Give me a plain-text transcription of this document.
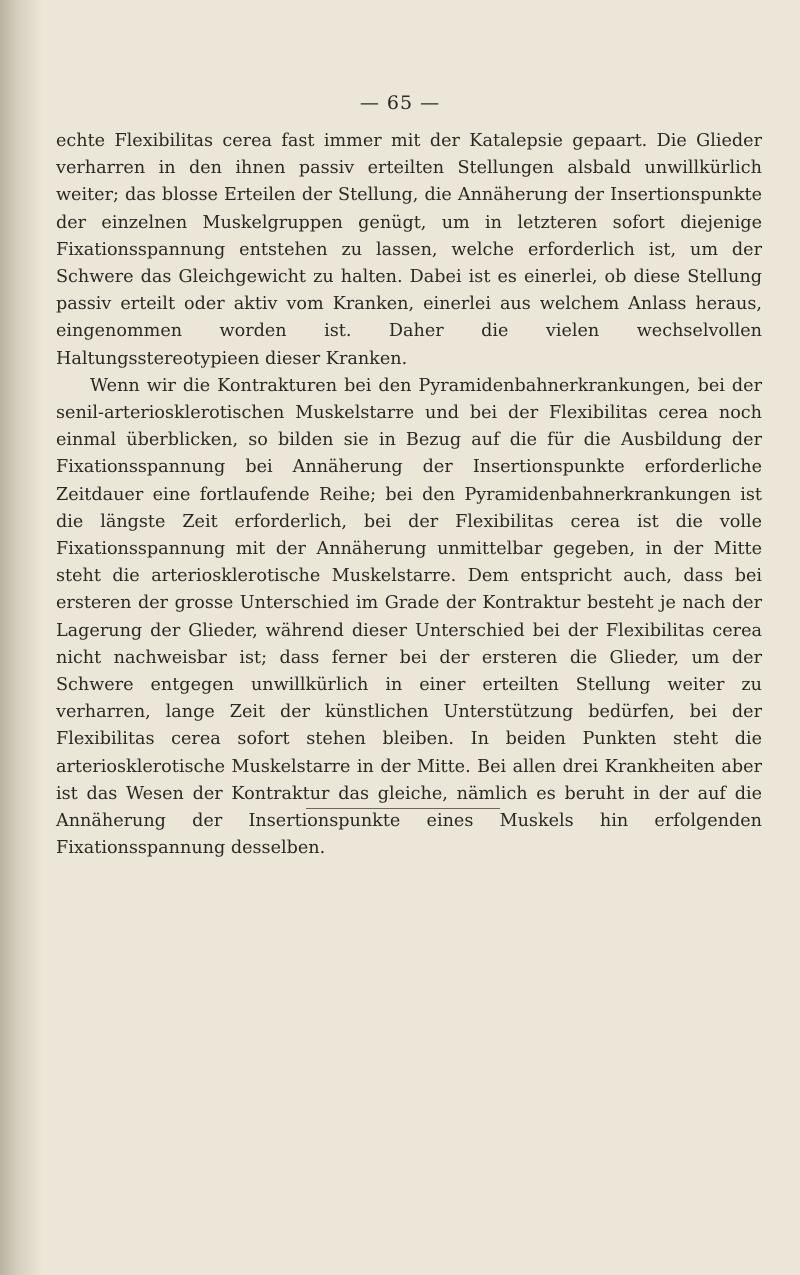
— 65 —

echte Flexibilitas cerea fast immer mit der Katalepsie gepaart. Die Glieder verharren in den ihnen passiv erteilten Stellungen alsbald unwillkürlich weiter; das blosse Erteilen der Stellung, die Annäherung der Insertionspunkte der einzelnen Muskelgruppen genügt, um in letzteren sofort diejenige Fixationsspannung entstehen zu lassen, welche erforderlich ist, um der Schwere das Gleichgewicht zu halten. Dabei ist es einerlei, ob diese Stellung passiv erteilt oder aktiv vom Kranken, einerlei aus welchem Anlass heraus, eingenommen worden ist. Daher die vielen wechselvollen Haltungsstereotypieen dieser Kranken.

Wenn wir die Kontrakturen bei den Pyramidenbahnerkrankungen, bei der senil-arteriosklerotischen Muskelstarre und bei der Flexibilitas cerea noch einmal überblicken, so bilden sie in Bezug auf die für die Ausbildung der Fixationsspannung bei Annäherung der Insertionspunkte erforderliche Zeitdauer eine fortlaufende Reihe; bei den Pyramidenbahnerkrankungen ist die längste Zeit erforderlich, bei der Flexibilitas cerea ist die volle Fixationsspannung mit der Annäherung unmittelbar gegeben, in der Mitte steht die arteriosklerotische Muskelstarre. Dem entspricht auch, dass bei ersteren der grosse Unterschied im Grade der Kontraktur besteht je nach der Lagerung der Glieder, während dieser Unterschied bei der Flexibilitas cerea nicht nachweisbar ist; dass ferner bei der ersteren die Glieder, um der Schwere entgegen unwillkürlich in einer erteilten Stellung weiter zu verharren, lange Zeit der künstlichen Unterstützung bedürfen, bei der Flexibilitas cerea sofort stehen bleiben. In beiden Punkten steht die arteriosklerotische Muskelstarre in der Mitte. Bei allen drei Krankheiten aber ist das Wesen der Kontraktur das gleiche, nämlich es beruht in der auf die Annäherung der Insertionspunkte eines Muskels hin erfolgenden Fixationsspannung desselben.
